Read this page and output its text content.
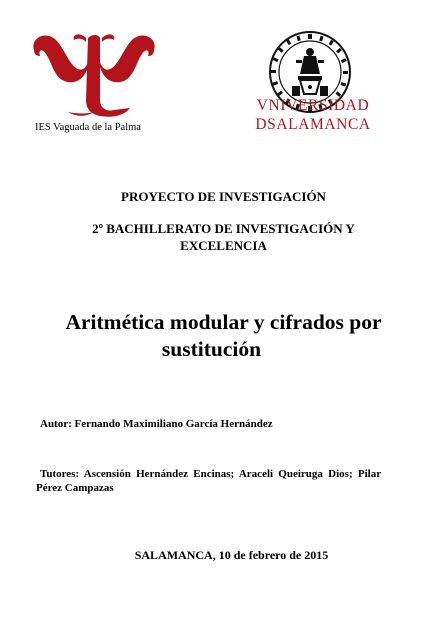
IES Vaguada de la Palma
VNIVERSIDAD
DSALAMANCA
PROYECTO DE INVESTIGACIÓN
2º BACHILLERATO DE INVESTIGACIÓN Y
EXCELENCIA
Aritmética modular y cifrados por
sustitución
Autor: Fernando Maximiliano García Hernández
Tutores: Ascensión Hernández Encinas; Araceli Queiruga Dios; Pilar
Pérez Campazas
SALAMANCA, 10 de febrero de 2015
